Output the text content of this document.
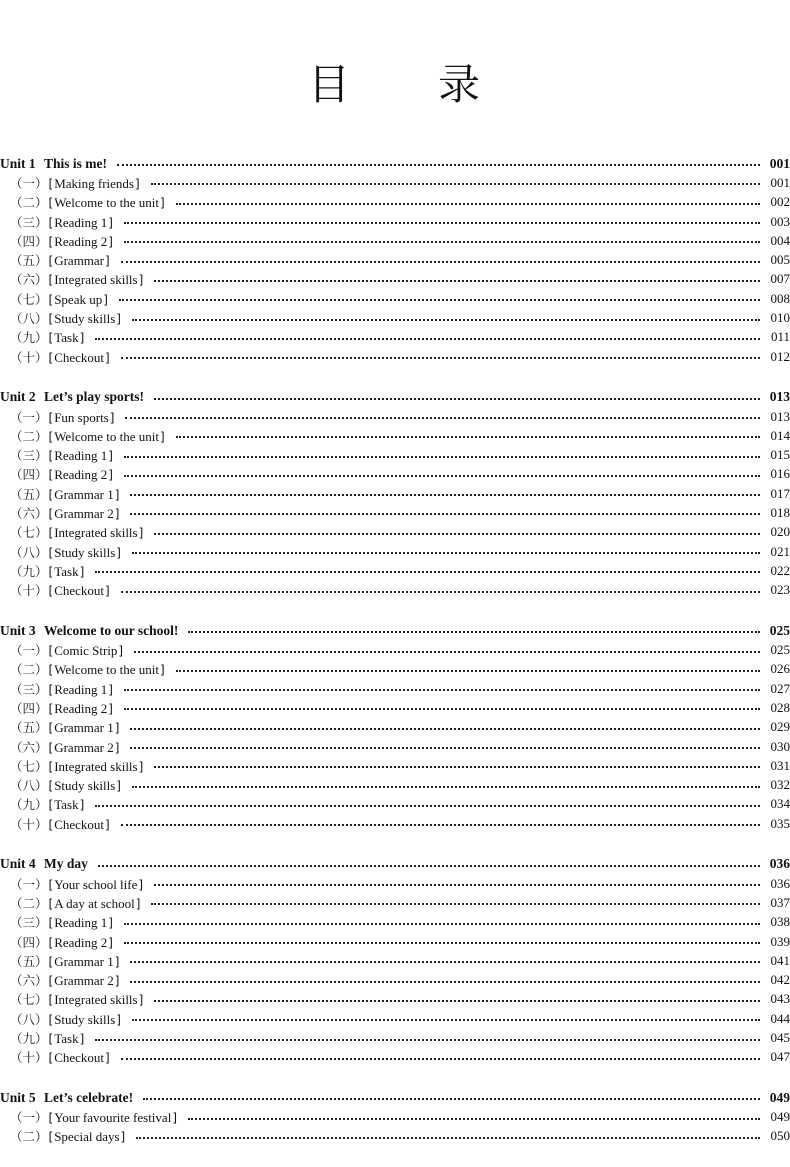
目 录
Unit 1 This is me!	001
（一）[Making friends]	001
（二）[Welcome to the unit]	002
（三）[Reading 1]	003
（四）[Reading 2]	004
（五）[Grammar]	005
（六）[Integrated skills]	007
（七）[Speak up]	008
（八）[Study skills]	010
（九）[Task]	011
（十）[Checkout]	012
Unit 2 Let’s play sports!	013
（一）[Fun sports]	013
（二）[Welcome to the unit]	014
（三）[Reading 1]	015
（四）[Reading 2]	016
（五）[Grammar 1]	017
（六）[Grammar 2]	018
（七）[Integrated skills]	020
（八）[Study skills]	021
（九）[Task]	022
（十）[Checkout]	023
Unit 3 Welcome to our school!	025
（一）[Comic Strip]	025
（二）[Welcome to the unit]	026
（三）[Reading 1]	027
（四）[Reading 2]	028
（五）[Grammar 1]	029
（六）[Grammar 2]	030
（七）[Integrated skills]	031
（八）[Study skills]	032
（九）[Task]	034
（十）[Checkout]	035
Unit 4 My day	036
（一）[Your school life]	036
（二）[A day at school]	037
（三）[Reading 1]	038
（四）[Reading 2]	039
（五）[Grammar 1]	041
（六）[Grammar 2]	042
（七）[Integrated skills]	043
（八）[Study skills]	044
（九）[Task]	045
（十）[Checkout]	047
Unit 5 Let’s celebrate!	049
（一）[Your favourite festival]	049
（二）[Special days]	050
